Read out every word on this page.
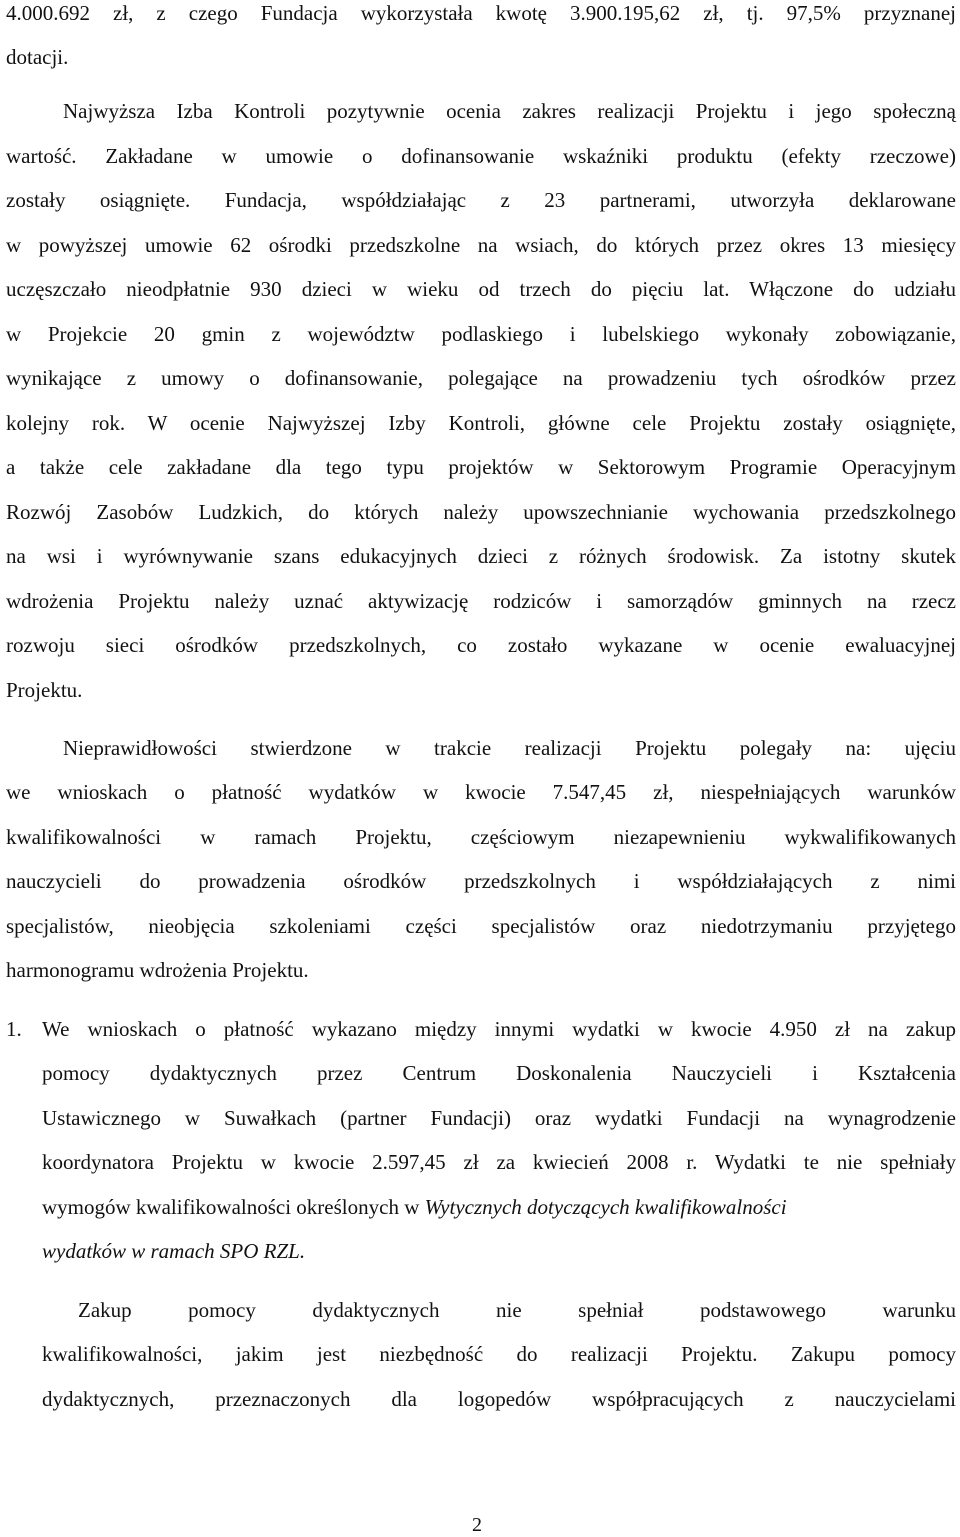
4.000.692 zł, z czego Fundacja wykorzystała kwotę 3.900.195,62 zł, tj. 97,5% przyznanej
dotacji.
Najwyższa Izba Kontroli pozytywnie ocenia zakres realizacji Projektu i jego społeczną
wartość. Zakładane w umowie o dofinansowanie wskaźniki produktu (efekty rzeczowe)
zostały osiągnięte. Fundacja, współdziałając z 23 partnerami, utworzyła deklarowane
w powyższej umowie 62 ośrodki przedszkolne na wsiach, do których przez okres 13 miesięcy
uczęszczało nieodpłatnie 930 dzieci w wieku od trzech do pięciu lat. Włączone do udziału
w Projekcie 20 gmin z województw podlaskiego i lubelskiego wykonały zobowiązanie,
wynikające z umowy o dofinansowanie, polegające na prowadzeniu tych ośrodków przez
kolejny rok. W ocenie Najwyższej Izby Kontroli, główne cele Projektu zostały osiągnięte,
a także cele zakładane dla tego typu projektów w Sektorowym Programie Operacyjnym
Rozwój Zasobów Ludzkich, do których należy upowszechnianie wychowania przedszkolnego
na wsi i wyrównywanie szans edukacyjnych dzieci z różnych środowisk. Za istotny skutek
wdrożenia Projektu należy uznać aktywizację rodziców i samorządów gminnych na rzecz
rozwoju sieci ośrodków przedszkolnych, co zostało wykazane w ocenie ewaluacyjnej
Projektu.
Nieprawidłowości stwierdzone w trakcie realizacji Projektu polegały na: ujęciu
we wnioskach o płatność wydatków w kwocie 7.547,45 zł, niespełniających warunków
kwalifikowalności w ramach Projektu, częściowym niezapewnieniu wykwalifikowanych
nauczycieli do prowadzenia ośrodków przedszkolnych i współdziałających z nimi
specjalistów, nieobjęcia szkoleniami części specjalistów oraz niedotrzymaniu przyjętego
harmonogramu wdrożenia Projektu.
1. We wnioskach o płatność wykazano między innymi wydatki w kwocie 4.950 zł na zakup
pomocy dydaktycznych przez Centrum Doskonalenia Nauczycieli i Kształcenia
Ustawicznego w Suwałkach (partner Fundacji) oraz wydatki Fundacji na wynagrodzenie
koordynatora Projektu w kwocie 2.597,45 zł za kwiecień 2008 r. Wydatki te nie spełniały
wymogów kwalifikowalności określonych w Wytycznych dotyczących kwalifikowalności
wydatków w ramach SPO RZL.
Zakup pomocy dydaktycznych nie spełniał podstawowego warunku
kwalifikowalności, jakim jest niezbędność do realizacji Projektu. Zakupu pomocy
dydaktycznych, przeznaczonych dla logopedów współpracujących z nauczycielami
2
